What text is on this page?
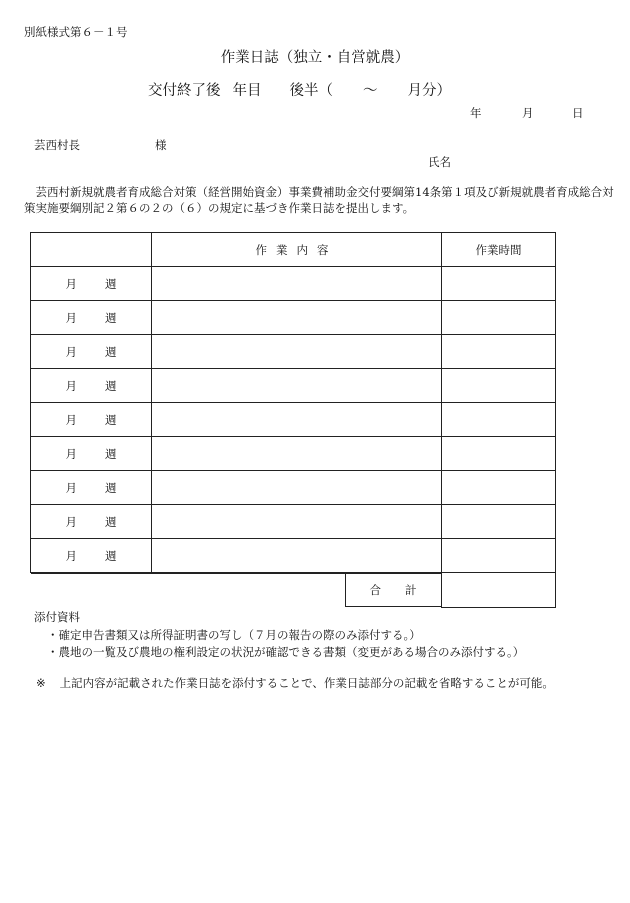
別紙様式第６－１号
作業日誌（独立・自営就農）
交付終了後 年目 後半（ ～ 月分）
年	月	日
芸西村長	様
氏名
　芸西村新規就農者育成総合対策（経営開始資金）事業費補助金交付要綱第14条第１項及び新規就農者育成総合対策実施要綱別記２第６の２の（６）の規定に基づき作業日誌を提出します。
	作業内容	作業時間
月 週		
月 週		
月 週		
月 週		
月 週		
月 週		
月 週		
月 週		
月 週		

合 計		

添付資料
・確定申告書類又は所得証明書の写し（７月の報告の際のみ添付する。）
・農地の一覧及び農地の権利設定の状況が確認できる書類（変更がある場合のみ添付する。）
※ 上記内容が記載された作業日誌を添付することで、作業日誌部分の記載を省略することが可能。
